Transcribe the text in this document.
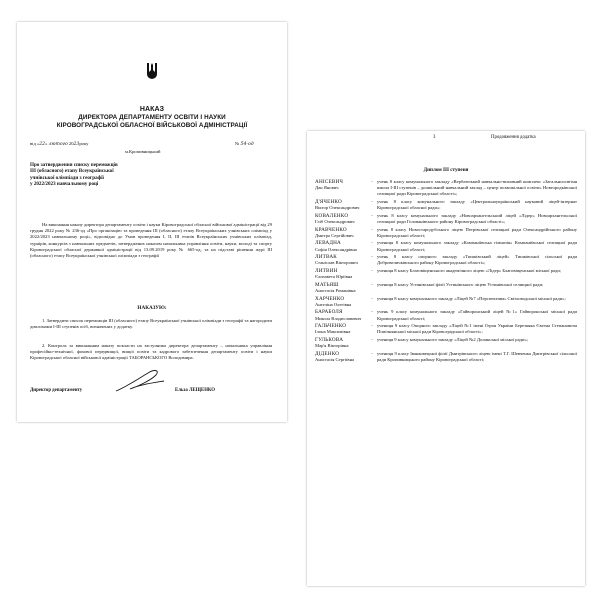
НАКАЗ
ДИРЕКТОРА ДЕПАРТАМЕНТУ ОСВІТИ І НАУКИ
КІРОВОГРАДСЬКОЇ ОБЛАСНОЇ ВІЙСЬКОВОЇ АДМІНІСТРАЦІЇ
від «22» лютого 2023року	№ 54-од
м.Кропивницький
Про затвердження списку переможців
ІІІ (обласного) етапу Всеукраїнської
учнівської олімпіади з географії
у 2022/2023 навчальному році
На виконання наказу директора департаменту освіти і науки Кіровоградської обласної військової адміністрації від 29 грудня 2022 року № 236-од «Про організацію та проведення ІІІ (обласного) етапу Всеукраїнських учнівських олімпіад у 2022/2023 навчальному році», відповідно до Умов проведення І, ІІ, ІІІ етапів Всеукраїнських учнівських олімпіад, турнірів, конкурсів з навчальних предметів, затверджених наказом начальника управління освіти, науки, молоді та спорту Кіровоградської обласної державної адміністрації від 13.09.2019 року № 665-од, та на підставі рішення журі ІІІ (обласного) етапу Всеукраїнської учнівської олімпіади з географії
НАКАЗУЮ:
1. Затвердити список переможців ІІІ (обласного) етапу Всеукраїнської учнівської олімпіади з географії та нагородити дипломами І-ІІІ ступенів осіб, визначених у додатку.
2. Контроль за виконанням наказу покласти на заступника директора департаменту – начальника управління професійно-технічної, фахової передвищої, вищої освіти та кадрового забезпечення департаменту освіти і науки Кіровоградської обласної військової адміністрації ТАБОРАНСЬКОГО Володимира.
Директор департаменту	Ельза ЛЕЩЕНКО
3	Продовження додатка
Диплом ІІІ ступеня
АНІСЕВИЧ
Дан Янович
- учень 8 класу комунального закладу «Верблюзький навчально-виховний комплекс «Загальноосвітня школа І-ІІІ ступенів – дошкільний навчальний заклад – центр позашкільної освіти» Новгородківської селищної ради Кіровоградської області»;
Д'ЯЧЕНКО
Віктор Олександрович
- учень 8 класу комунального закладу «Центральноукраїнський науковий ліцей-інтернат Кіровоградської обласної ради»;
КОВАЛЕНКО
Гліб Олександрович
- учень 8 класу комунального закладу «Новоархангельський ліцей «Лідер» Новоархангельської селищної ради Голованівського району Кіровоградської області»;
КРАВЧЕНКО
Дмитро Сергійович
- учень 8 класу Новостародубського ліцею Петрівської селищної ради Олександрійського району Кіровоградської області;
ЛЕВАДНА
Софія Олександрівна
- учениця 8 класу комунального закладу «Компаніївська гімназія» Компаніївської селищної ради Кіровоградської області;
ЛИТВАК
Станіслав Вікторович
- учень 8 класу опорного закладу «Тишківський ліцей» Тишківської сільської ради Добровеличківського району Кіровоградської області»;
ЛИТВИН
Єлизавета Юріївна
- учениця 8 класу Благовіщенського академічного ліцею «Лідер» Благовіщенської міської ради;
МАТЬЯШ
Анастасія Романівна
- учениця 8 класу Устинівської філії Устинівського ліцею Устинівської селищної ради;
ХАРЧЕНКО
Ангеліна Олегівна
- учениця 8 класу комунального закладу «Ліцей №7 «Перспектива» Світловодської міської ради»;
БАРАБОЛЯ
Микола Владиславович
- учень 9 класу комунального закладу «Гайворонський ліцей №1» Гайворонської міської ради Кіровоградської області;
ГАЛЬЧЕНКО
Ілона Максимівна
- учениця 9 класу Опорного закладу «Ліцей №1 імені Героя України Березняка Євгена Степановича Помічнянської міської ради Кіровоградської області»;
ГУЛЬКОВА
Мар'я Вікторівна
- учениця 9 класу комунального закладу «Ліцей №2 Долинської міської ради»;
ДІДЕНКО
Анастасія Сергіївна
- учениця 9 класу Іванковецької філії Дмитрівського ліцею імені Т.Г. Шевченка Дмитрівської сільської ради Кропивницького району Кіровоградської області;
